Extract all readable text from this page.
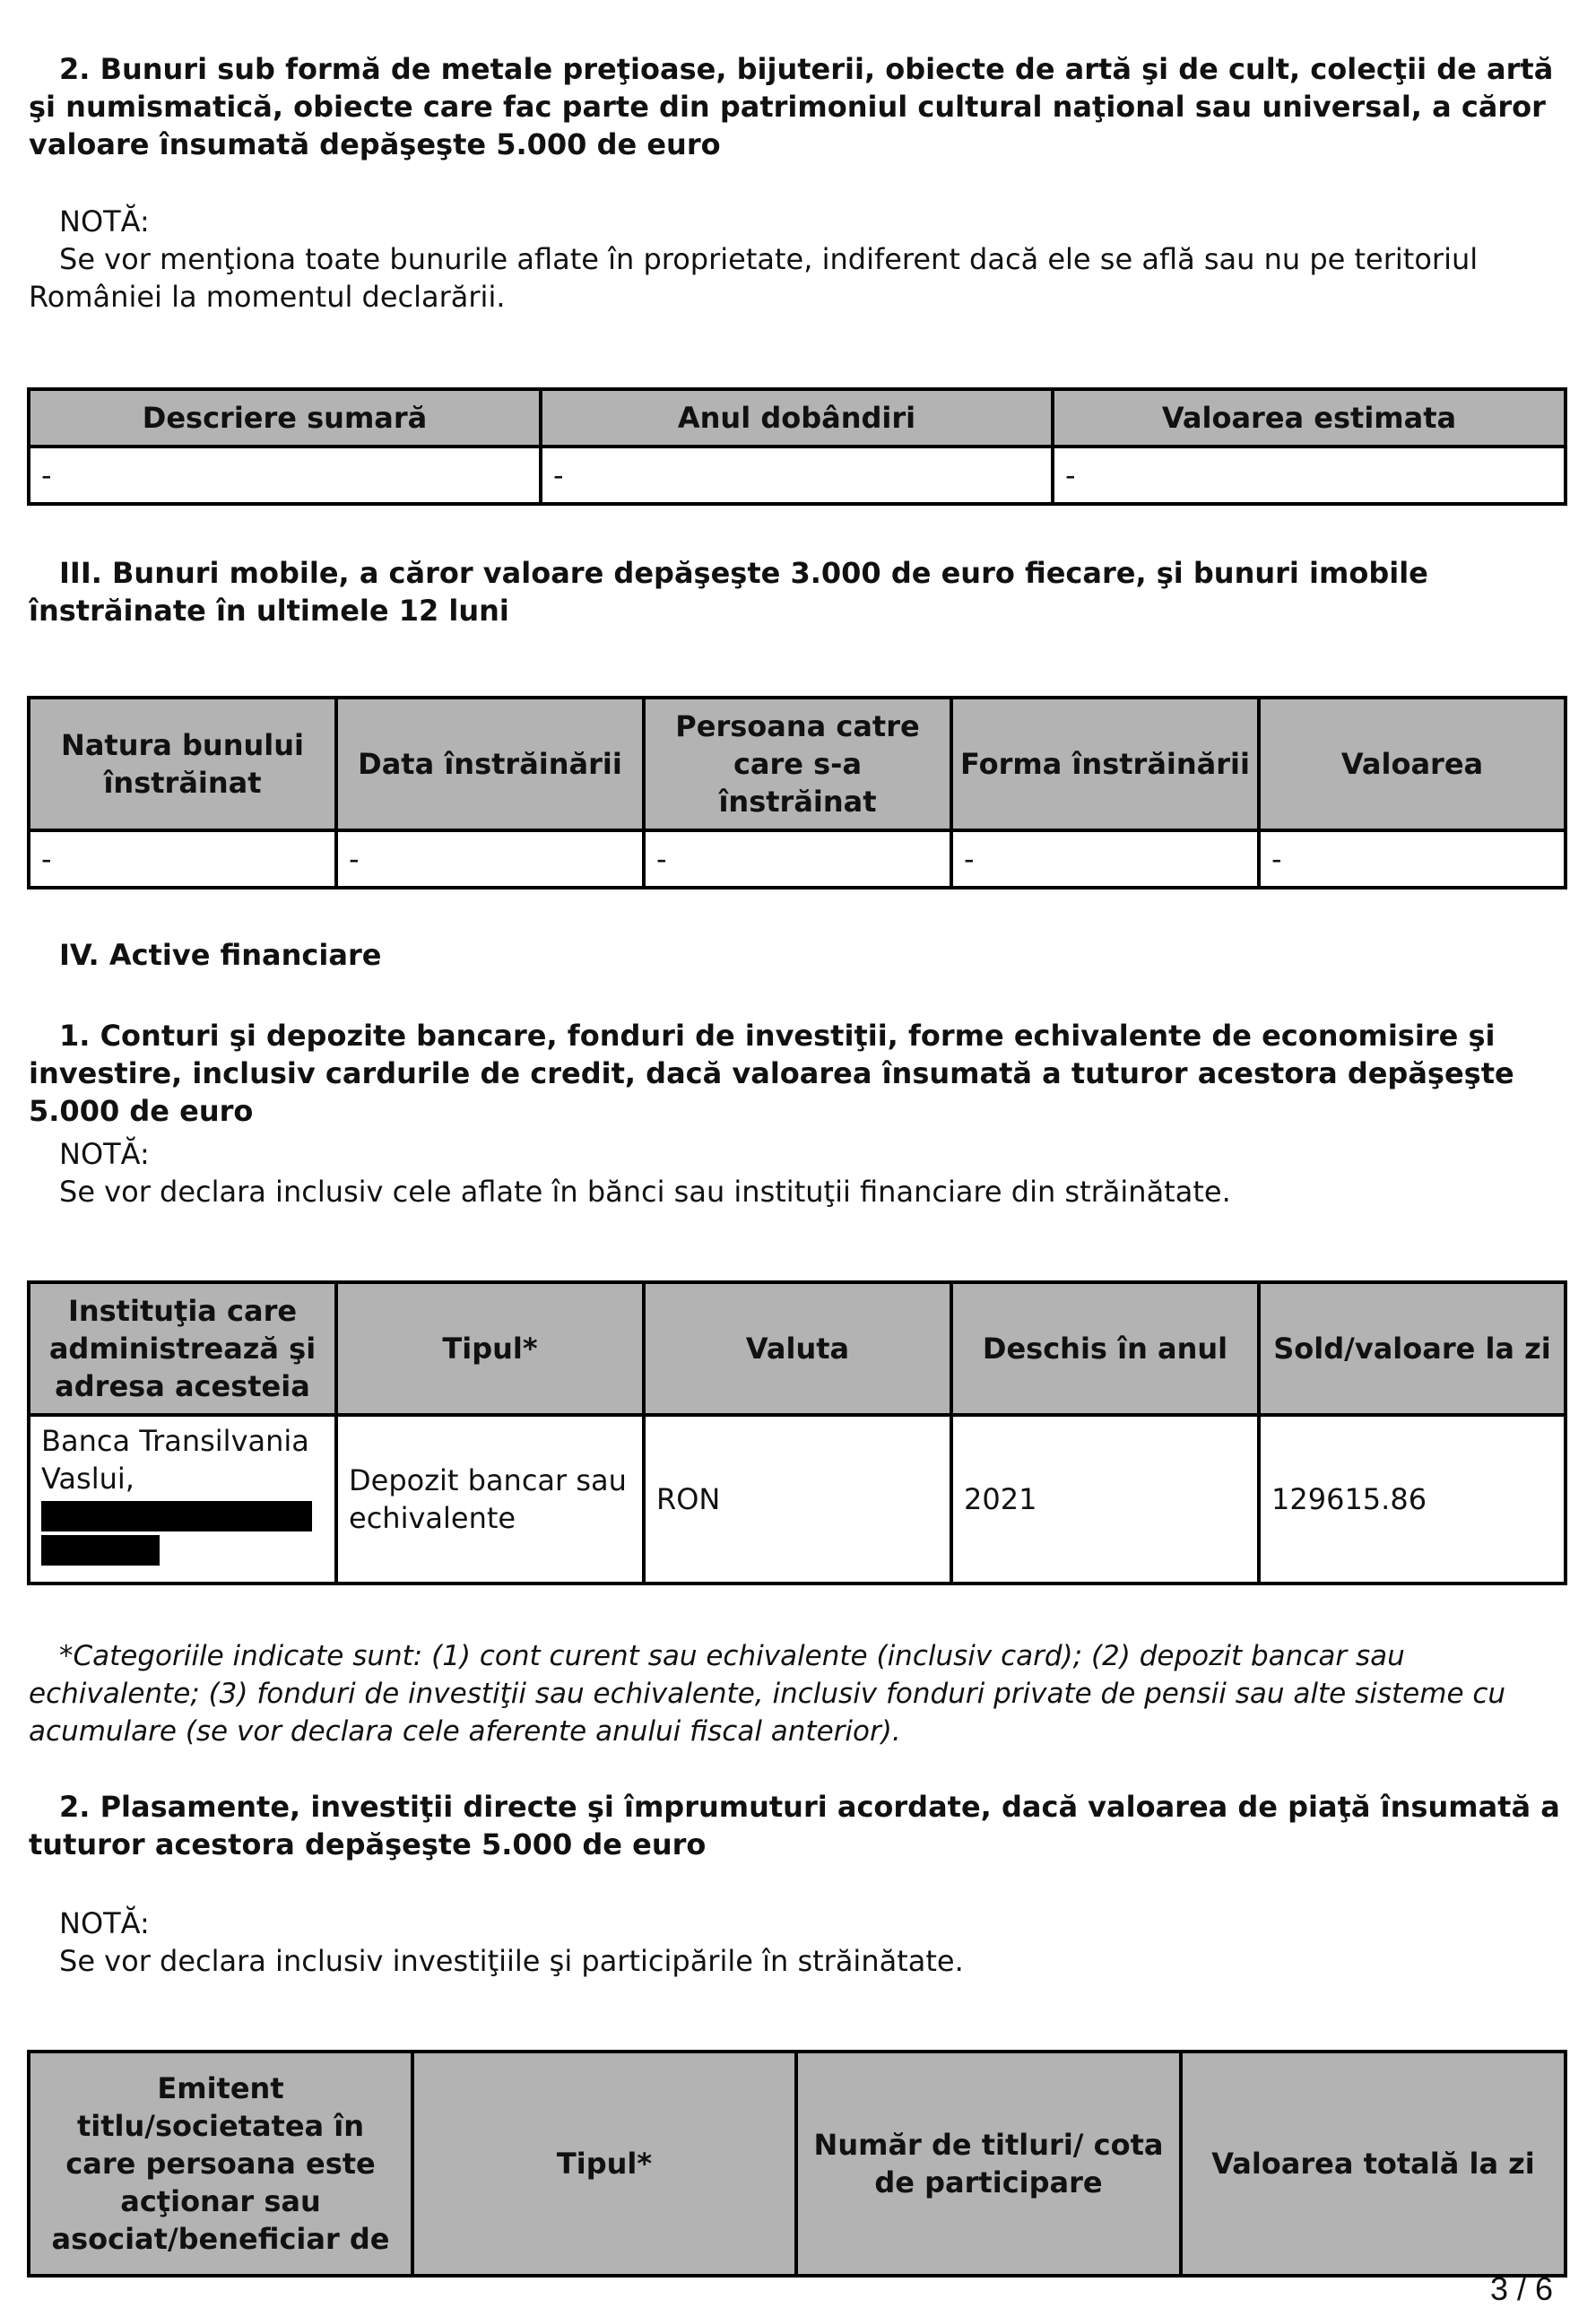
2. Bunuri sub formă de metale preţioase, bijuterii, obiecte de artă şi de cult, colecţii de artă şi numismatică, obiecte care fac parte din patrimoniul cultural naţional sau universal, a căror valoare însumată depăşeşte 5.000 de euro
NOTĂ:
Se vor menţiona toate bunurile aflate în proprietate, indiferent dacă ele se află sau nu pe teritoriul României la momentul declarării.
Descriere sumară	Anul dobândiri	Valoarea estimata
-	-	-
III. Bunuri mobile, a căror valoare depăşeşte 3.000 de euro fiecare, şi bunuri imobile înstrăinate în ultimele 12 luni
Natura bunului înstrăinat	Data înstrăinării	Persoana catre care s-a înstrăinat	Forma înstrăinării	Valoarea
-	-	-	-	-
IV. Active financiare
1. Conturi şi depozite bancare, fonduri de investiţii, forme echivalente de economisire şi investire, inclusiv cardurile de credit, dacă valoarea însumată a tuturor acestora depăşeşte 5.000 de euro
NOTĂ:
Se vor declara inclusiv cele aflate în bănci sau instituţii financiare din străinătate.
Instituţia care administrează şi adresa acesteia	Tipul*	Valuta	Deschis în anul	Sold/valoare la zi
Banca Transilvania Vaslui,	Depozit bancar sau echivalente	RON	2021	129615.86
*Categoriile indicate sunt: (1) cont curent sau echivalente (inclusiv card); (2) depozit bancar sau echivalente; (3) fonduri de investiţii sau echivalente, inclusiv fonduri private de pensii sau alte sisteme cu acumulare (se vor declara cele aferente anului fiscal anterior).
2. Plasamente, investiţii directe şi împrumuturi acordate, dacă valoarea de piaţă însumată a tuturor acestora depăşeşte 5.000 de euro
NOTĂ:
Se vor declara inclusiv investiţiile şi participările în străinătate.
Emitent titlu/societatea în care persoana este acţionar sau asociat/beneficiar de	Tipul*	Număr de titluri/ cota de participare	Valoarea totală la zi
3 / 6
